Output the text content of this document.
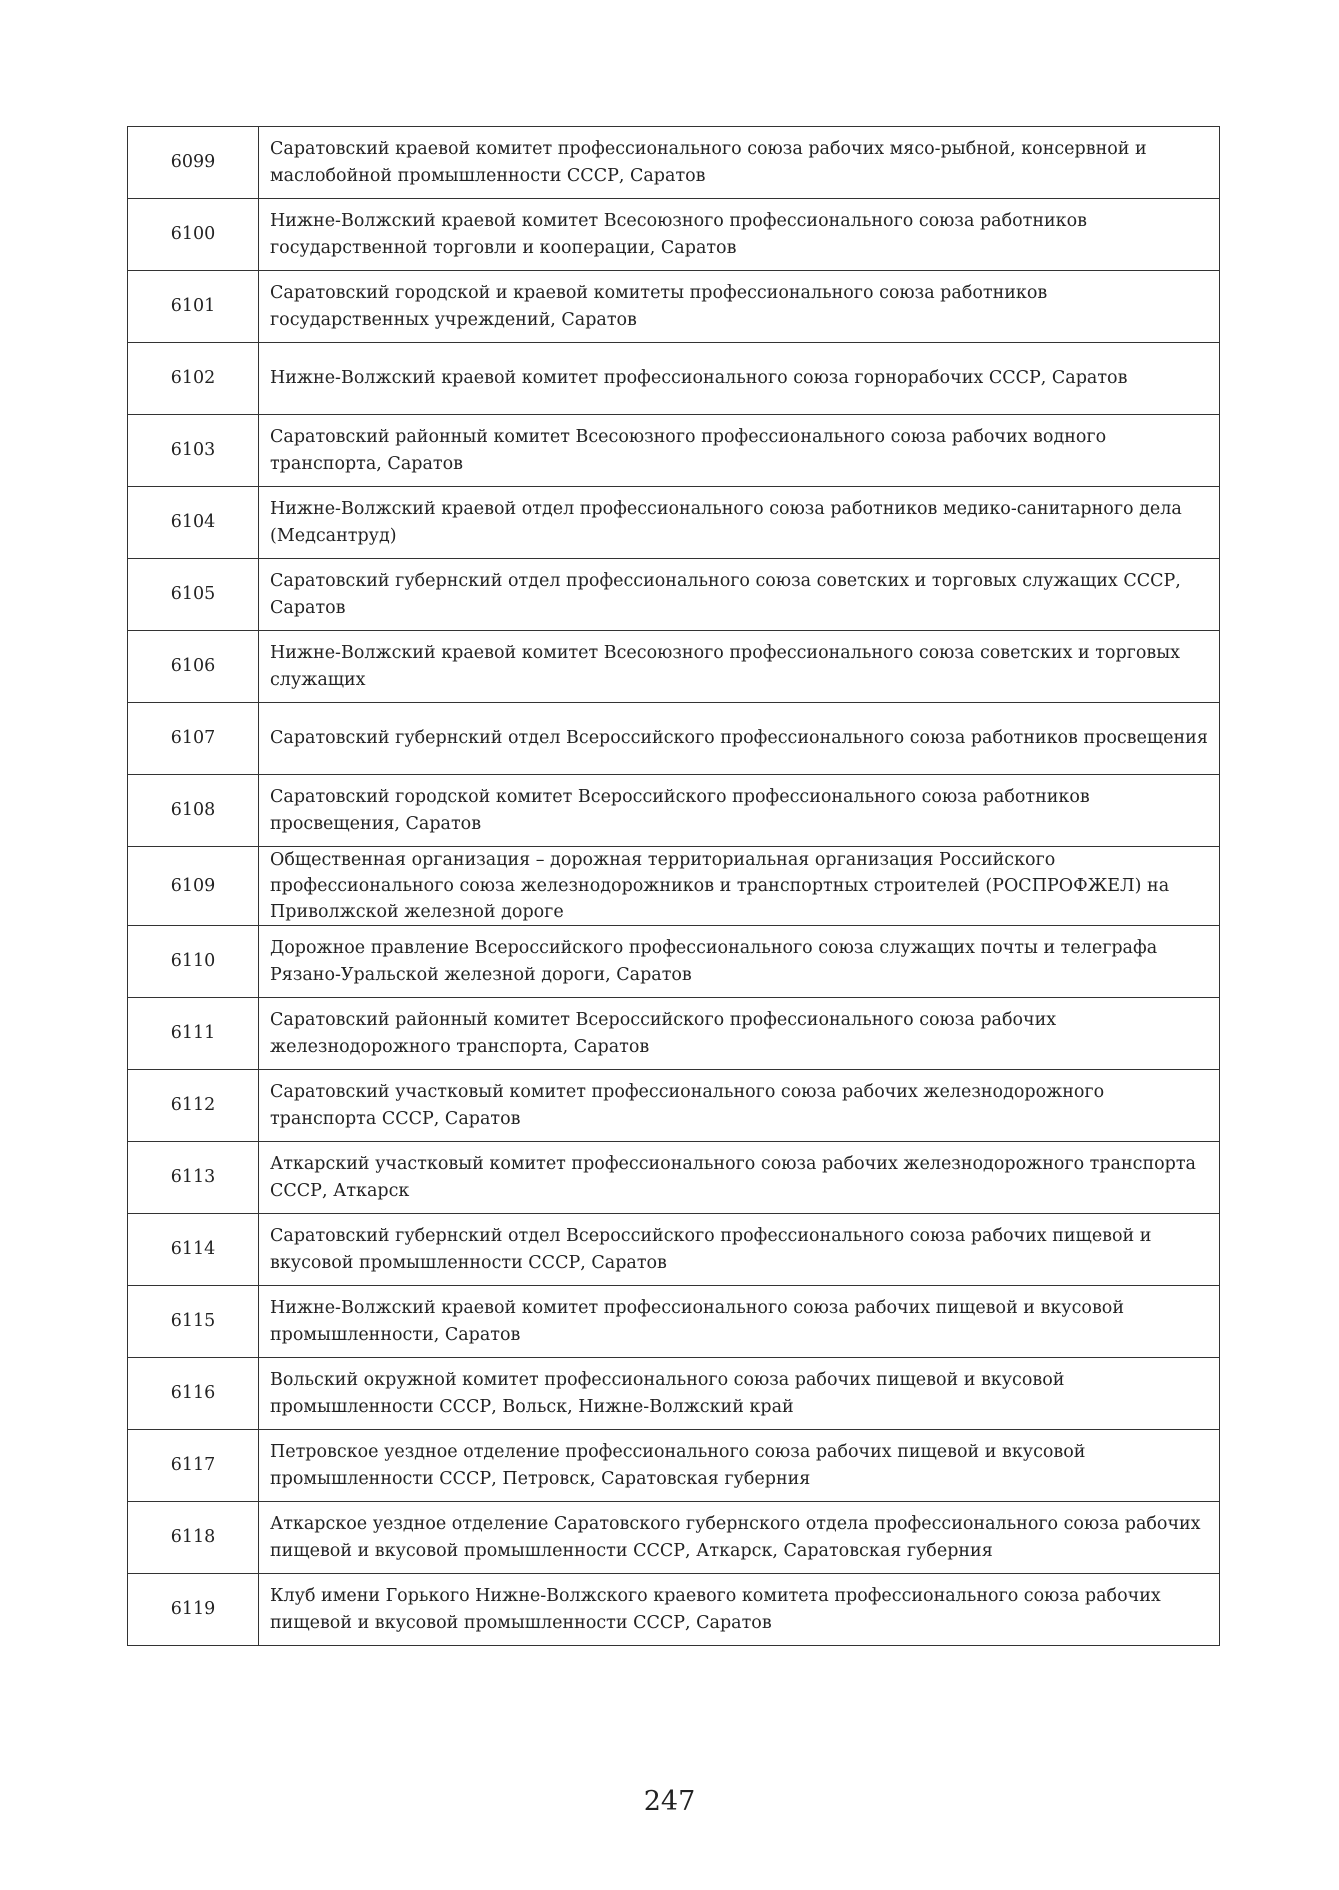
6099	Саратовский краевой комитет профессионального союза рабочих мясо-рыбной, консервной и маслобойной промышленности СССР, Саратов
6100	Нижне-Волжский краевой комитет Всесоюзного профессионального союза работников государственной торговли и кооперации, Саратов
6101	Саратовский городской и краевой комитеты профессионального союза работников государственных учреждений, Саратов
6102	Нижне-Волжский краевой комитет профессионального союза горнорабочих СССР, Саратов
6103	Саратовский районный комитет Всесоюзного профессионального союза рабочих водного транспорта, Саратов
6104	Нижне-Волжский краевой отдел профессионального союза работников медико-санитарного дела (Медсантруд)
6105	Саратовский губернский отдел профессионального союза советских и торговых служащих СССР, Саратов
6106	Нижне-Волжский краевой комитет Всесоюзного профессионального союза советских и торговых служащих
6107	Саратовский губернский отдел Всероссийского профессионального союза работников просвещения
6108	Саратовский городской комитет Всероссийского профессионального союза работников просвещения, Саратов
6109	Общественная организация – дорожная территориальная организация Российского профессионального союза железнодорожников и транспортных строителей (РОСПРОФЖЕЛ) на Приволжской железной дороге
6110	Дорожное правление Всероссийского профессионального союза служащих почты и телеграфа Рязано-Уральской железной дороги, Саратов
6111	Саратовский районный комитет Всероссийского профессионального союза рабочих железнодорожного транспорта, Саратов
6112	Саратовский участковый комитет профессионального союза рабочих железнодорожного транспорта СССР, Саратов
6113	Аткарский участковый комитет профессионального союза рабочих железнодорожного транспорта СССР, Аткарск
6114	Саратовский губернский отдел Всероссийского профессионального союза рабочих пищевой и вкусовой промышленности СССР, Саратов
6115	Нижне-Волжский краевой комитет профессионального союза рабочих пищевой и вкусовой промышленности, Саратов
6116	Вольский окружной комитет профессионального союза рабочих пищевой и вкусовой промышленности СССР, Вольск, Нижне-Волжский край
6117	Петровское уездное отделение профессионального союза рабочих пищевой и вкусовой промышленности СССР, Петровск, Саратовская губерния
6118	Аткарское уездное отделение Саратовского губернского отдела профессионального союза рабочих пищевой и вкусовой промышленности СССР, Аткарск, Саратовская губерния
6119	Клуб имени Горького Нижне-Волжского краевого комитета профессионального союза рабочих пищевой и вкусовой промышленности СССР, Саратов
247
